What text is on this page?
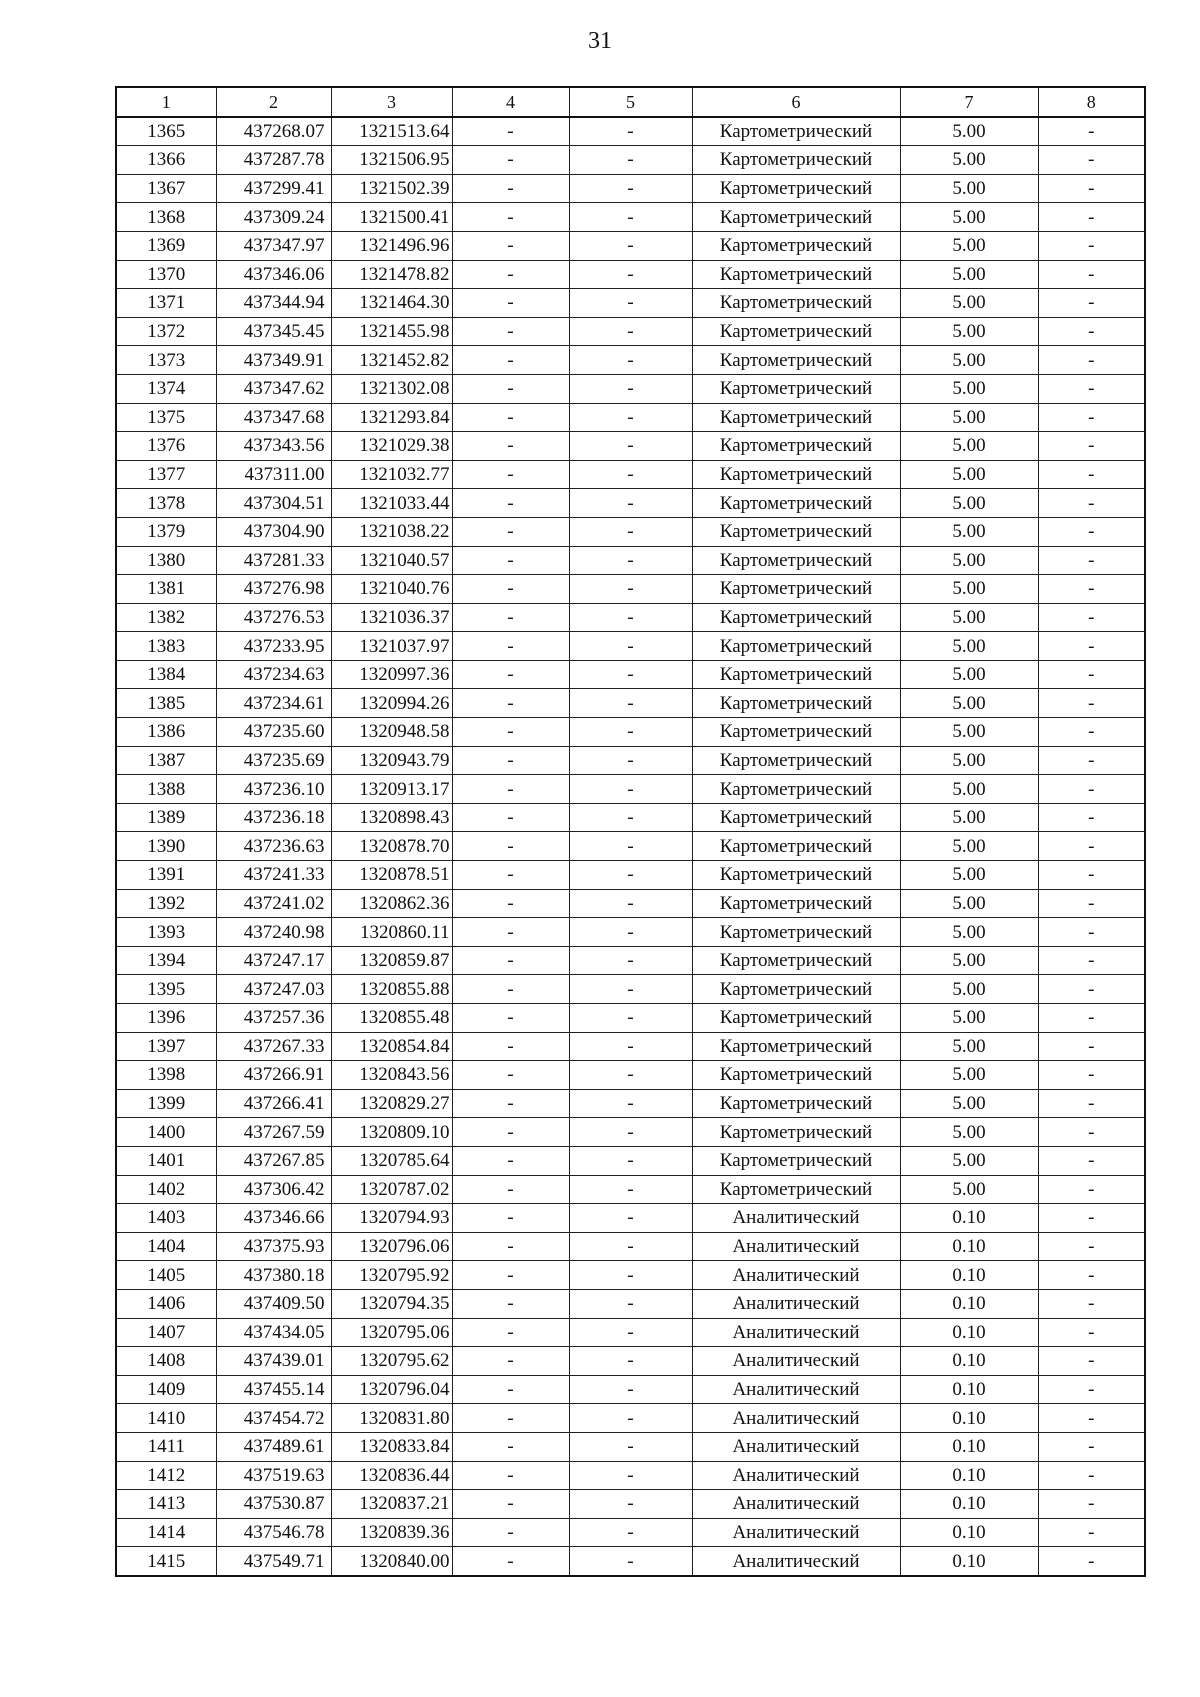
31
1	2	3	4	5	6	7	8
1365	437268.07	1321513.64	-	-	Картометрический	5.00	-
1366	437287.78	1321506.95	-	-	Картометрический	5.00	-
1367	437299.41	1321502.39	-	-	Картометрический	5.00	-
1368	437309.24	1321500.41	-	-	Картометрический	5.00	-
1369	437347.97	1321496.96	-	-	Картометрический	5.00	-
1370	437346.06	1321478.82	-	-	Картометрический	5.00	-
1371	437344.94	1321464.30	-	-	Картометрический	5.00	-
1372	437345.45	1321455.98	-	-	Картометрический	5.00	-
1373	437349.91	1321452.82	-	-	Картометрический	5.00	-
1374	437347.62	1321302.08	-	-	Картометрический	5.00	-
1375	437347.68	1321293.84	-	-	Картометрический	5.00	-
1376	437343.56	1321029.38	-	-	Картометрический	5.00	-
1377	437311.00	1321032.77	-	-	Картометрический	5.00	-
1378	437304.51	1321033.44	-	-	Картометрический	5.00	-
1379	437304.90	1321038.22	-	-	Картометрический	5.00	-
1380	437281.33	1321040.57	-	-	Картометрический	5.00	-
1381	437276.98	1321040.76	-	-	Картометрический	5.00	-
1382	437276.53	1321036.37	-	-	Картометрический	5.00	-
1383	437233.95	1321037.97	-	-	Картометрический	5.00	-
1384	437234.63	1320997.36	-	-	Картометрический	5.00	-
1385	437234.61	1320994.26	-	-	Картометрический	5.00	-
1386	437235.60	1320948.58	-	-	Картометрический	5.00	-
1387	437235.69	1320943.79	-	-	Картометрический	5.00	-
1388	437236.10	1320913.17	-	-	Картометрический	5.00	-
1389	437236.18	1320898.43	-	-	Картометрический	5.00	-
1390	437236.63	1320878.70	-	-	Картометрический	5.00	-
1391	437241.33	1320878.51	-	-	Картометрический	5.00	-
1392	437241.02	1320862.36	-	-	Картометрический	5.00	-
1393	437240.98	1320860.11	-	-	Картометрический	5.00	-
1394	437247.17	1320859.87	-	-	Картометрический	5.00	-
1395	437247.03	1320855.88	-	-	Картометрический	5.00	-
1396	437257.36	1320855.48	-	-	Картометрический	5.00	-
1397	437267.33	1320854.84	-	-	Картометрический	5.00	-
1398	437266.91	1320843.56	-	-	Картометрический	5.00	-
1399	437266.41	1320829.27	-	-	Картометрический	5.00	-
1400	437267.59	1320809.10	-	-	Картометрический	5.00	-
1401	437267.85	1320785.64	-	-	Картометрический	5.00	-
1402	437306.42	1320787.02	-	-	Картометрический	5.00	-
1403	437346.66	1320794.93	-	-	Аналитический	0.10	-
1404	437375.93	1320796.06	-	-	Аналитический	0.10	-
1405	437380.18	1320795.92	-	-	Аналитический	0.10	-
1406	437409.50	1320794.35	-	-	Аналитический	0.10	-
1407	437434.05	1320795.06	-	-	Аналитический	0.10	-
1408	437439.01	1320795.62	-	-	Аналитический	0.10	-
1409	437455.14	1320796.04	-	-	Аналитический	0.10	-
1410	437454.72	1320831.80	-	-	Аналитический	0.10	-
1411	437489.61	1320833.84	-	-	Аналитический	0.10	-
1412	437519.63	1320836.44	-	-	Аналитический	0.10	-
1413	437530.87	1320837.21	-	-	Аналитический	0.10	-
1414	437546.78	1320839.36	-	-	Аналитический	0.10	-
1415	437549.71	1320840.00	-	-	Аналитический	0.10	-
